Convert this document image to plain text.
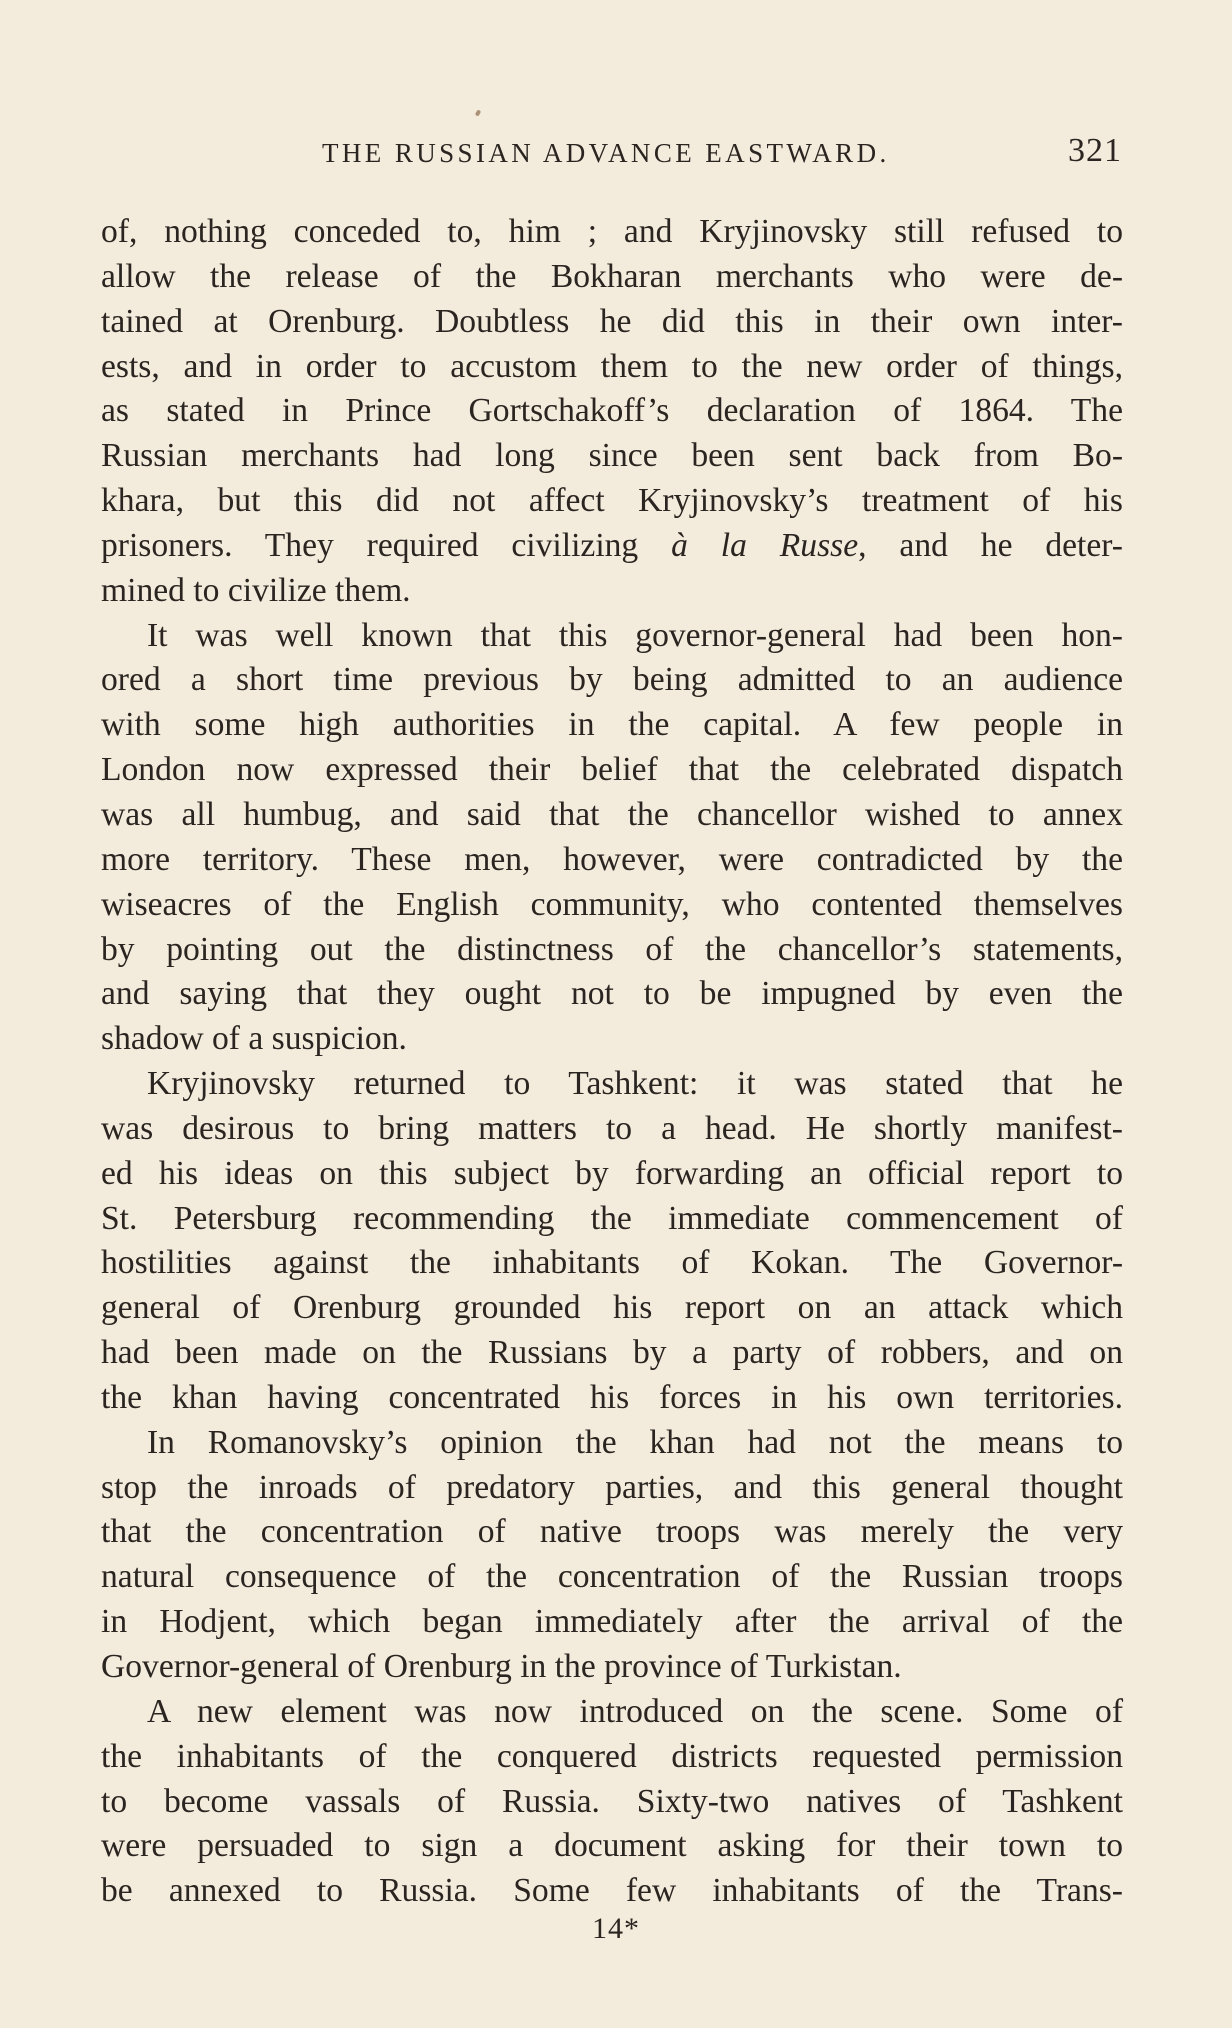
THE RUSSIAN ADVANCE EASTWARD.	321
of, nothing conceded to, him ; and Kryjinovsky still refused to
allow the release of the Bokharan merchants who were de-
tained at Orenburg. Doubtless he did this in their own inter-
ests, and in order to accustom them to the new order of things,
as stated in Prince Gortschakoff’s declaration of 1864. The
Russian merchants had long since been sent back from Bo-
khara, but this did not affect Kryjinovsky’s treatment of his
prisoners. They required civilizing à la Russe, and he deter-
mined to civilize them.
It was well known that this governor-general had been hon-
ored a short time previous by being admitted to an audience
with some high authorities in the capital. A few people in
London now expressed their belief that the celebrated dispatch
was all humbug, and said that the chancellor wished to annex
more territory. These men, however, were contradicted by the
wiseacres of the English community, who contented themselves
by pointing out the distinctness of the chancellor’s statements,
and saying that they ought not to be impugned by even the
shadow of a suspicion.
Kryjinovsky returned to Tashkent: it was stated that he
was desirous to bring matters to a head. He shortly manifest-
ed his ideas on this subject by forwarding an official report to
St. Petersburg recommending the immediate commencement of
hostilities against the inhabitants of Kokan. The Governor-
general of Orenburg grounded his report on an attack which
had been made on the Russians by a party of robbers, and on
the khan having concentrated his forces in his own territories.
In Romanovsky’s opinion the khan had not the means to
stop the inroads of predatory parties, and this general thought
that the concentration of native troops was merely the very
natural consequence of the concentration of the Russian troops
in Hodjent, which began immediately after the arrival of the
Governor-general of Orenburg in the province of Turkistan.
A new element was now introduced on the scene. Some of
the inhabitants of the conquered districts requested permission
to become vassals of Russia. Sixty-two natives of Tashkent
were persuaded to sign a document asking for their town to
be annexed to Russia. Some few inhabitants of the Trans-
14*
